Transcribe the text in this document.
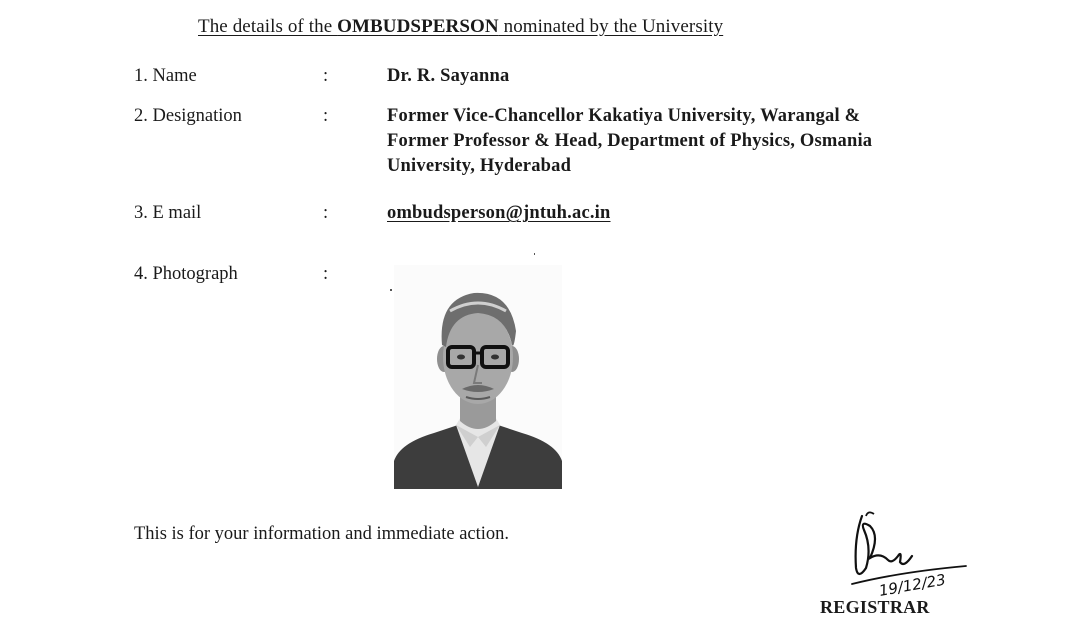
The details of the OMBUDSPERSON nominated by the University
1. Name	:	Dr. R. Sayanna
2. Designation	:	Former Vice-Chancellor Kakatiya University, Warangal &
Former Professor & Head, Department of Physics, Osmania
University, Hyderabad
3. E mail	:	ombudsperson@jntuh.ac.in
4. Photograph	:
This is for your information and immediate action.
19/12/23
REGISTRAR
